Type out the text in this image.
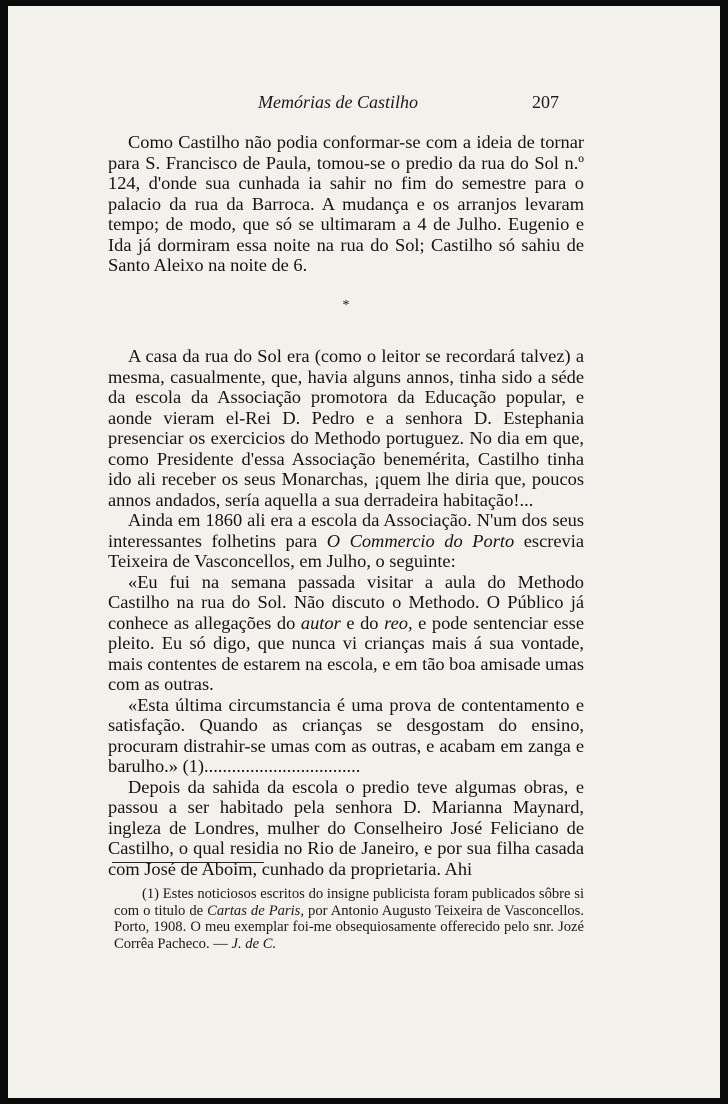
Memórias de Castilho	207

Como Castilho não podia conformar-se com a ideia de tornar para S. Francisco de Paula, tomou-se o predio da rua do Sol n.º 124, d'onde sua cunhada ia sahir no fim do semestre para o palacio da rua da Barroca. A mudança e os arranjos levaram tempo; de modo, que só se ultimaram a 4 de Julho. Eugenio e Ida já dormiram essa noite na rua do Sol; Castilho só sahiu de Santo Aleixo na noite de 6.

*

A casa da rua do Sol era (como o leitor se recordará talvez) a mesma, casualmente, que, havia alguns annos, tinha sido a séde da escola da Associação promotora da Educação popular, e aonde vieram el-Rei D. Pedro e a senhora D. Estephania presenciar os exercicios do Methodo portuguez. No dia em que, como Presidente d'essa Associação benemérita, Castilho tinha ido ali receber os seus Monarchas, ¡quem lhe diria que, poucos annos andados, sería aquella a sua derradeira habitação!...

Ainda em 1860 ali era a escola da Associação. N'um dos seus interessantes folhetins para O Commercio do Porto escrevia Teixeira de Vasconcellos, em Julho, o seguinte:

«Eu fui na semana passada visitar a aula do Methodo Castilho na rua do Sol. Não discuto o Methodo. O Público já conhece as allegações do autor e do reo, e pode sentenciar esse pleito. Eu só digo, que nunca vi crianças mais á sua vontade, mais contentes de estarem na escola, e em tão boa amisade umas com as outras.

«Esta última circumstancia é uma prova de contentamento e satisfação. Quando as crianças se desgostam do ensino, procuram distrahir-se umas com as outras, e acabam em zanga e barulho.» (1)..................................

Depois da sahida da escola o predio teve algumas obras, e passou a ser habitado pela senhora D. Marianna Maynard, ingleza de Londres, mulher do Conselheiro José Feliciano de Castilho, o qual residia no Rio de Janeiro, e por sua filha casada com José de Aboim, cunhado da proprietaria. Ahi

(1) Estes noticiosos escritos do insigne publicista foram publicados sôbre si com o titulo de Cartas de Paris, por Antonio Augusto Teixeira de Vasconcellos. Porto, 1908. O meu exemplar foi-me obsequiosamente offerecido pelo snr. Jozé Corrêa Pacheco. — J. de C.
